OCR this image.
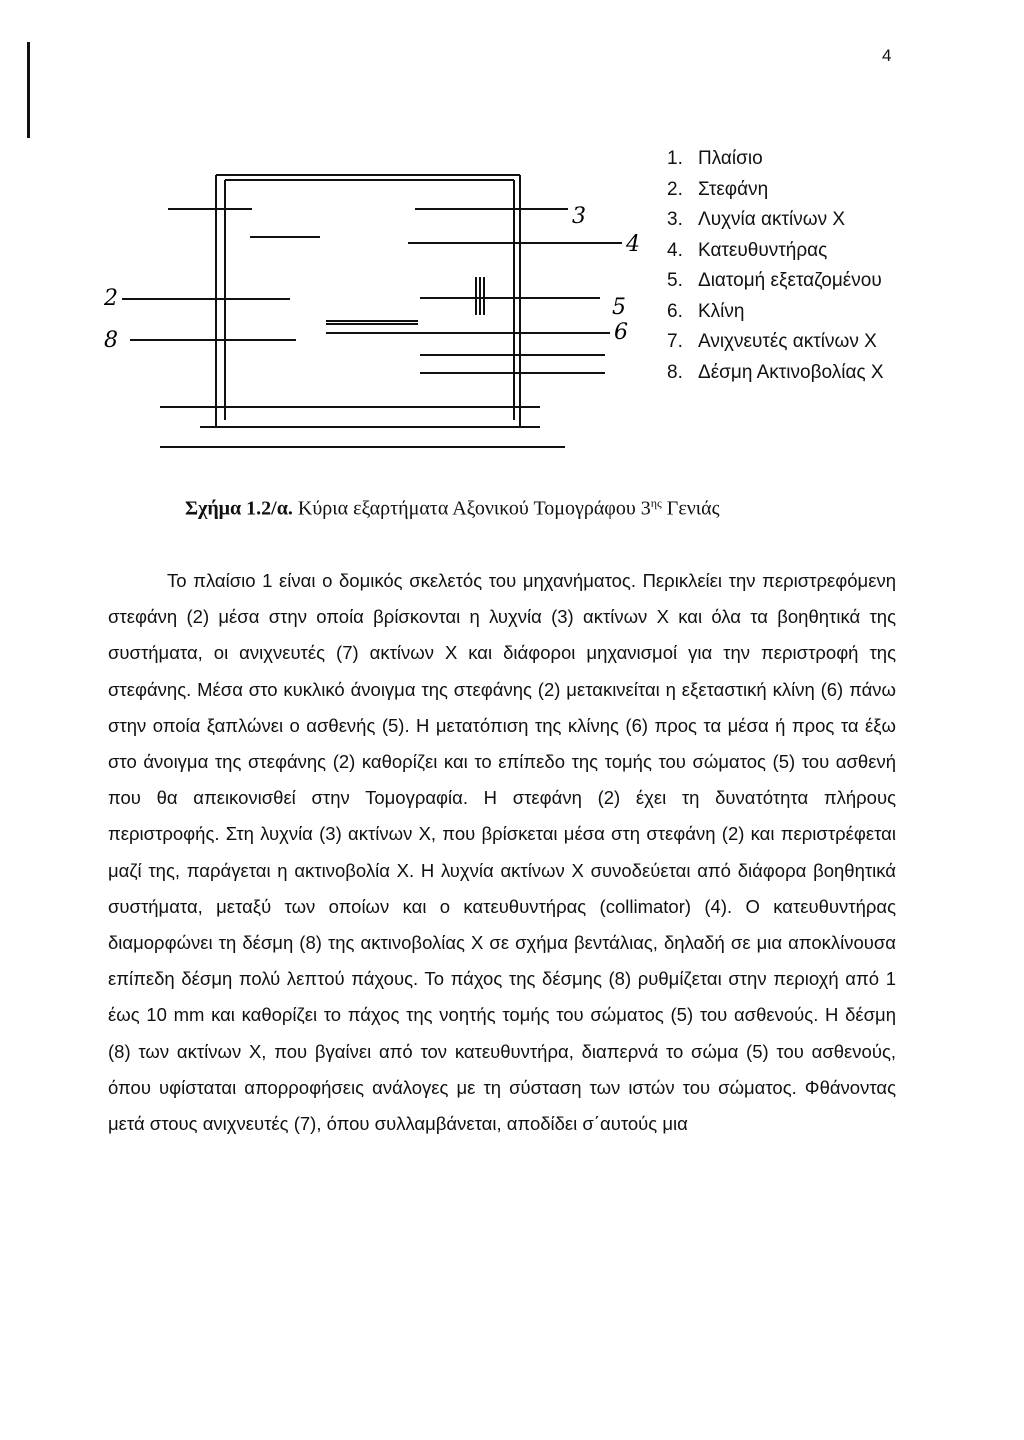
4
2
8
3
4
5
6
1. Πλαίσιο
2. Στεφάνη
3. Λυχνία ακτίνων X
4. Κατευθυντήρας
5. Διατομή εξεταζομένου
6. Κλίνη
7. Ανιχνευτές ακτίνων X
8. Δέσμη Ακτινοβολίας X
Σχήμα 1.2/α. Κύρια εξαρτήματα Αξονικού Τομογράφου $3^{\eta\varsigma}$ Γενιάς

Το πλαίσιο 1 είναι ο δομικός σκελετός του μηχανήματος. Περικλείει την περιστρεφόμενη στεφάνη (2) μέσα στην οποία βρίσκονται η λυχνία (3) ακτίνων X και όλα τα βοηθητικά της συστήματα, οι ανιχνευτές (7) ακτίνων X και διάφοροι μηχανισμοί για την περιστροφή της στεφάνης. Μέσα στο κυκλικό άνοιγμα της στεφάνης (2) μετακινείται η εξεταστική κλίνη (6) πάνω στην οποία ξαπλώνει ο ασθενής (5). Η μετατόπιση της κλίνης (6) προς τα μέσα ή προς τα έξω στο άνοιγμα της στεφάνης (2) καθορίζει και το επίπεδο της τομής του σώματος (5) του ασθενή που θα απεικονισθεί στην Τομογραφία. Η στεφάνη (2) έχει τη δυνατότητα πλήρους περιστροφής. Στη λυχνία (3) ακτίνων X, που βρίσκεται μέσα στη στεφάνη (2) και περιστρέφεται μαζί της, παράγεται η ακτινοβολία X. Η λυχνία ακτίνων X συνοδεύεται από διάφορα βοηθητικά συστήματα, μεταξύ των οποίων και ο κατευθυντήρας (collimator) (4). Ο κατευθυντήρας διαμορφώνει τη δέσμη (8) της ακτινοβολίας X σε σχήμα βεντάλιας, δηλαδή σε μια αποκλίνουσα επίπεδη δέσμη πολύ λεπτού πάχους. Το πάχος της δέσμης (8) ρυθμίζεται στην περιοχή από 1 έως 10 mm και καθορίζει το πάχος της νοητής τομής του σώματος (5) του ασθενούς. Η δέσμη (8) των ακτίνων X, που βγαίνει από τον κατευθυντήρα, διαπερνά το σώμα (5) του ασθενούς, όπου υφίσταται απορροφήσεις ανάλογες με τη σύσταση των ιστών του σώματος. Φθάνοντας μετά στους ανιχνευτές (7), όπου συλλαμβάνεται, αποδίδει σ΄αυτούς μια
